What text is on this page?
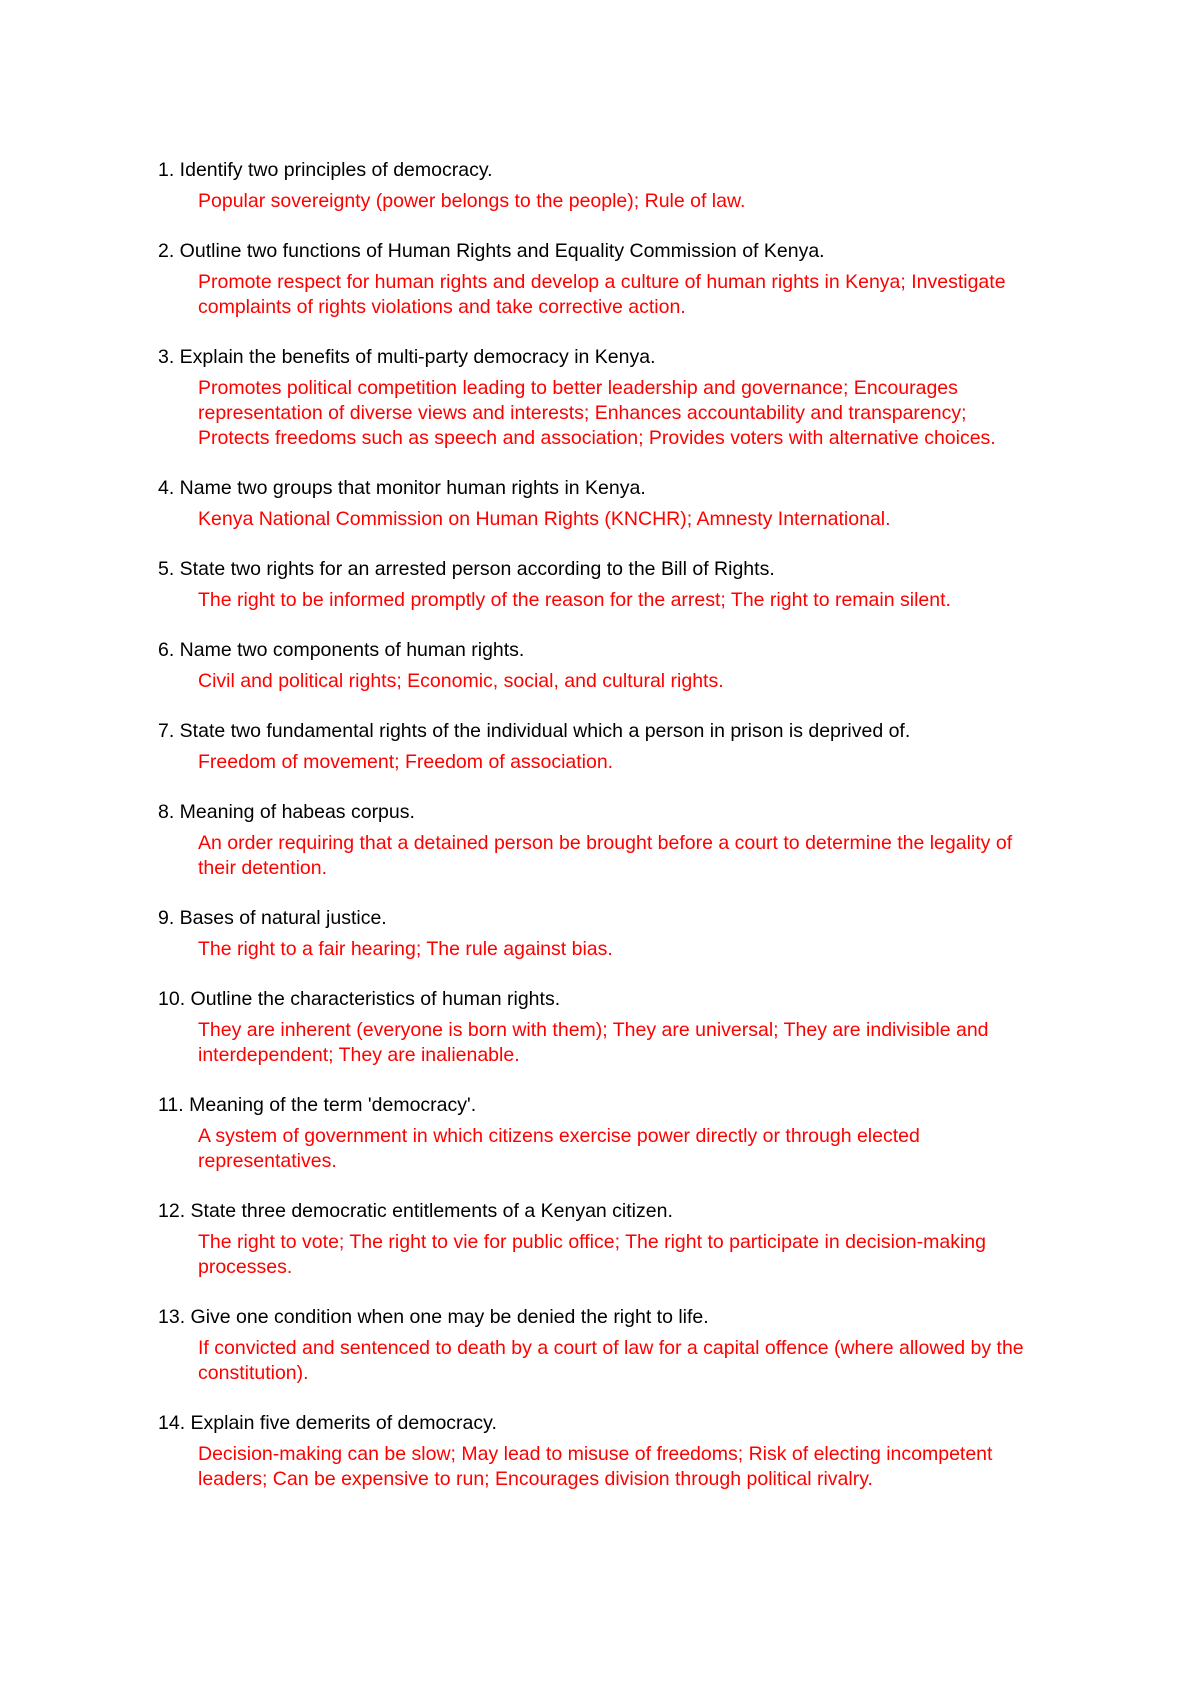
1. Identify two principles of democracy.
Popular sovereignty (power belongs to the people); Rule of law.
2. Outline two functions of Human Rights and Equality Commission of Kenya.
Promote respect for human rights and develop a culture of human rights in Kenya; Investigate complaints of rights violations and take corrective action.
3. Explain the benefits of multi-party democracy in Kenya.
Promotes political competition leading to better leadership and governance; Encourages representation of diverse views and interests; Enhances accountability and transparency; Protects freedoms such as speech and association; Provides voters with alternative choices.
4. Name two groups that monitor human rights in Kenya.
Kenya National Commission on Human Rights (KNCHR); Amnesty International.
5. State two rights for an arrested person according to the Bill of Rights.
The right to be informed promptly of the reason for the arrest; The right to remain silent.
6. Name two components of human rights.
Civil and political rights; Economic, social, and cultural rights.
7. State two fundamental rights of the individual which a person in prison is deprived of.
Freedom of movement; Freedom of association.
8. Meaning of habeas corpus.
An order requiring that a detained person be brought before a court to determine the legality of their detention.
9. Bases of natural justice.
The right to a fair hearing; The rule against bias.
10. Outline the characteristics of human rights.
They are inherent (everyone is born with them); They are universal; They are indivisible and interdependent; They are inalienable.
11. Meaning of the term 'democracy'.
A system of government in which citizens exercise power directly or through elected representatives.
12. State three democratic entitlements of a Kenyan citizen.
The right to vote; The right to vie for public office; The right to participate in decision-making processes.
13. Give one condition when one may be denied the right to life.
If convicted and sentenced to death by a court of law for a capital offence (where allowed by the constitution).
14. Explain five demerits of democracy.
Decision-making can be slow; May lead to misuse of freedoms; Risk of electing incompetent leaders; Can be expensive to run; Encourages division through political rivalry.
